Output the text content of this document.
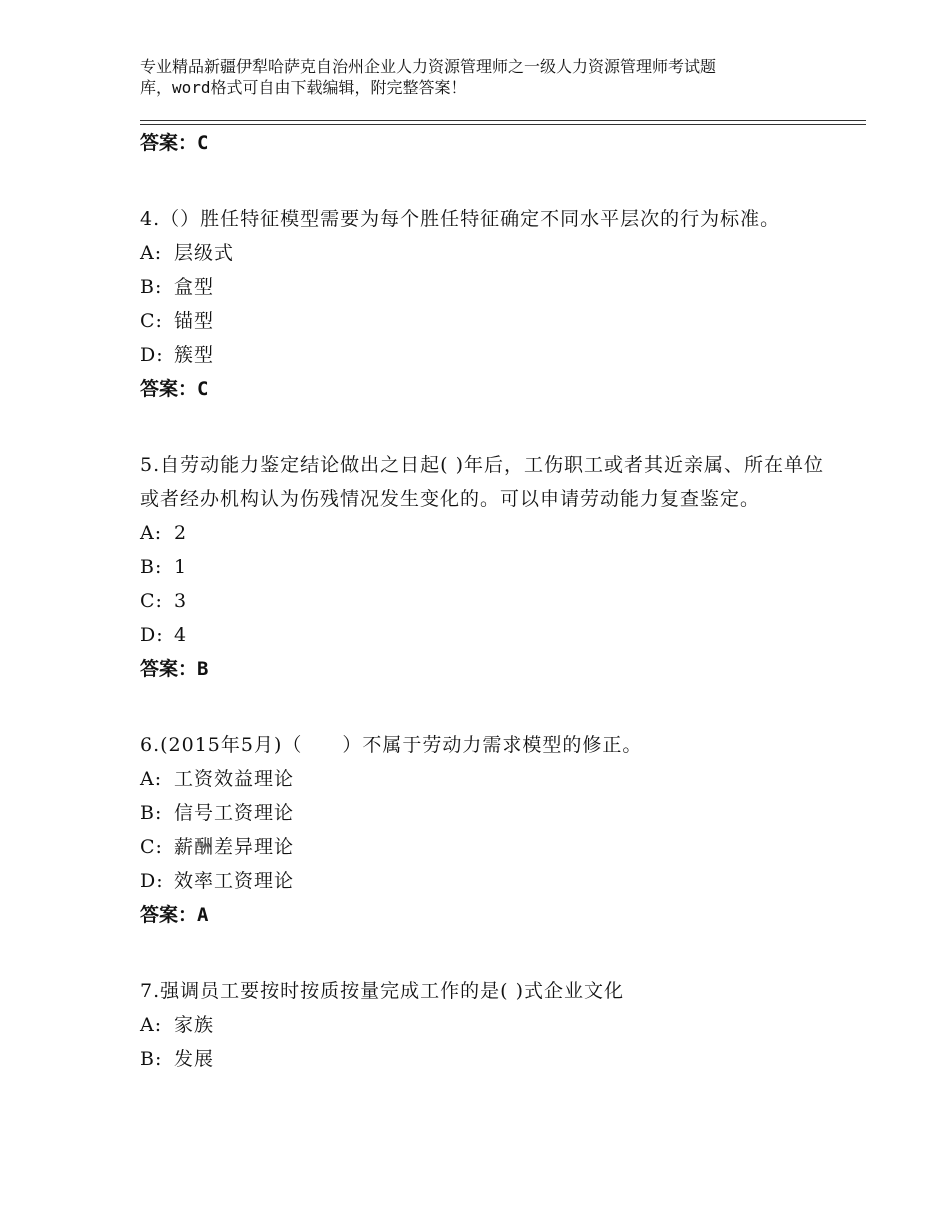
专业精品新疆伊犁哈萨克自治州企业人力资源管理师之一级人力资源管理师考试题
库，word格式可自由下载编辑，附完整答案！
答案：C
4.（）胜任特征模型需要为每个胜任特征确定不同水平层次的行为标准。
A: 层级式
B: 盒型
C: 锚型
D: 簇型
答案：C
5.自劳动能力鉴定结论做出之日起( )年后，工伤职工或者其近亲属、所在单位或者经办机构认为伤残情况发生变化的。可以申请劳动能力复查鉴定。
A: 2
B: 1
C: 3
D: 4
答案：B
6.(2015年5月)（　　）不属于劳动力需求模型的修正。
A: 工资效益理论
B: 信号工资理论
C: 薪酬差异理论
D: 效率工资理论
答案：A
7.强调员工要按时按质按量完成工作的是( )式企业文化
A: 家族
B: 发展
